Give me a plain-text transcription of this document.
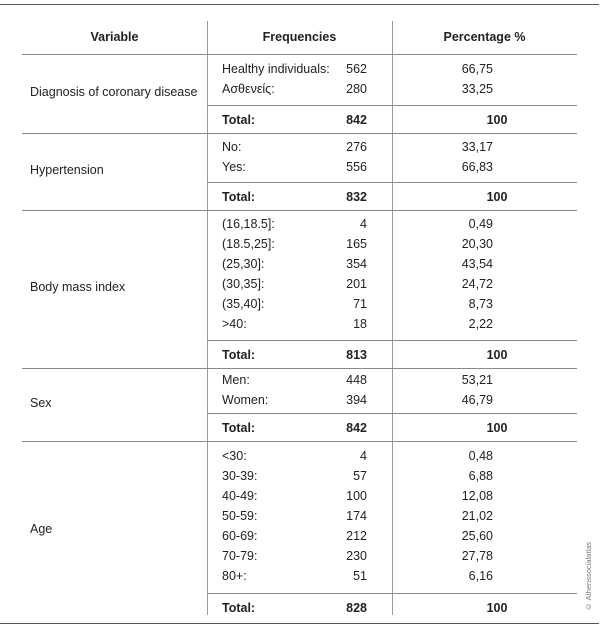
Variable	Frequencies	Percentage %
Diagnosis of coronary disease
Healthy individuals: 562	66,75
Ασθενείς:	280	33,25
Total:	842	100
Hypertension
No:	276	33,17
Yes:	556	66,83
Total:	832	100
Body mass index
(16,18.5]:	4	0,49
(18.5,25]:	165	20,30
(25,30]:	354	43,54
(30,35]:	201	24,72
(35,40]:	71	8,73
>40:	18	2,22
Total:	813	100
Sex
Men:	448	53,21
Women:	394	46,79
Total:	842	100
Age
<30:	4	0,48
30-39:	57	6,88
40-49:	100	12,08
50-59:	174	21,02
60-69:	212	25,60
70-79:	230	27,78
80+:	51	6,16
Total:	828	100	© Athenssocialatlas
